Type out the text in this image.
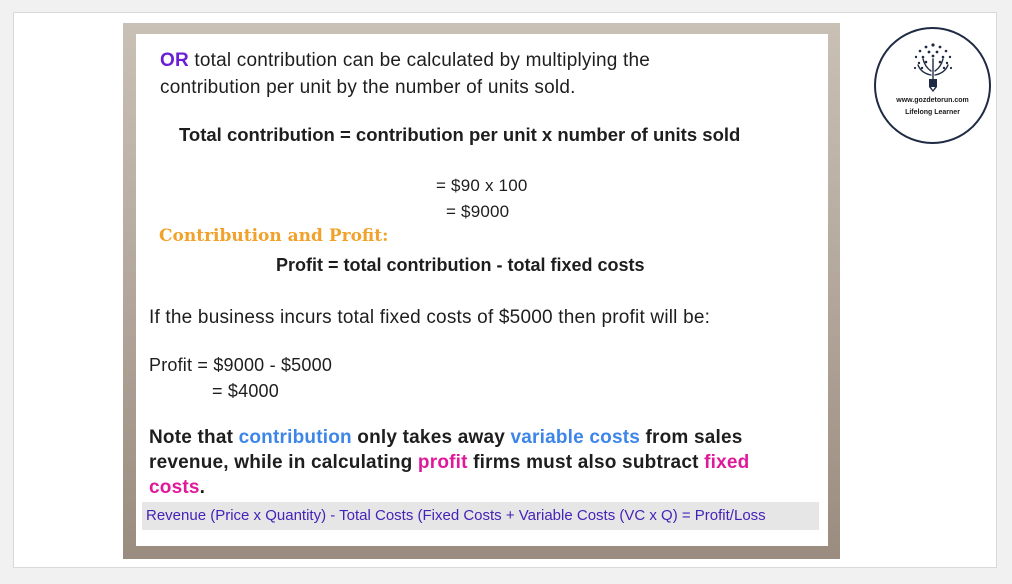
OR total contribution can be calculated by multiplying the
contribution per unit by the number of units sold.
Total contribution = contribution per unit x number of units sold
= $90 x 100
= $9000
Contribution and Profit:
Profit = total contribution - total fixed costs
If the business incurs total fixed costs of $5000 then profit will be:
Profit = $9000 - $5000
= $4000
Note that contribution only takes away variable costs from sales
revenue, while in calculating profit firms must also subtract fixed
costs.
Revenue (Price x Quantity) - Total Costs (Fixed Costs + Variable Costs (VC x Q) = Profit/Loss
www.gozdetorun.com
Lifelong Learner
